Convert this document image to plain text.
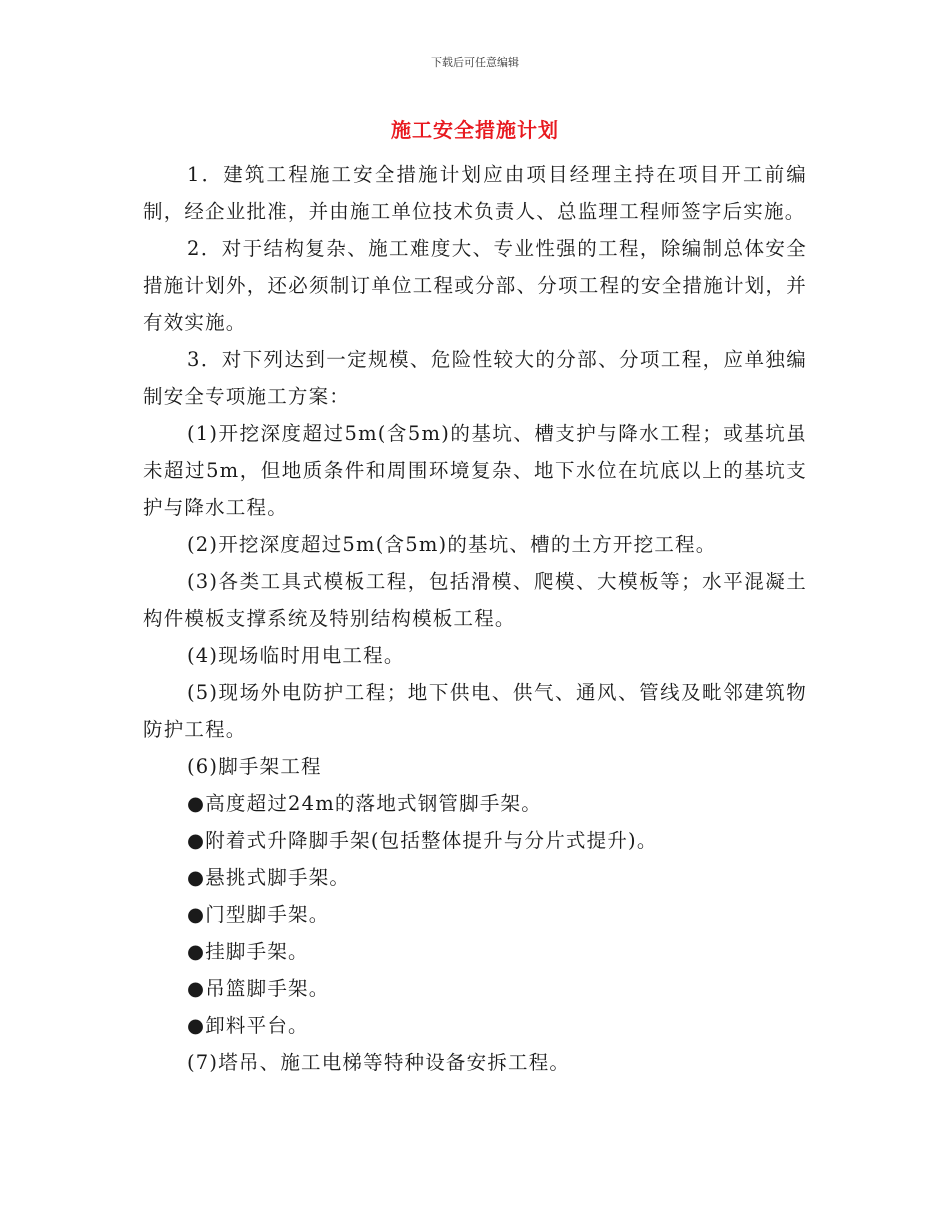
下载后可任意编辑
施工安全措施计划

1．建筑工程施工安全措施计划应由项目经理主持在项目开工前编制，经企业批准，并由施工单位技术负责人、总监理工程师签字后实施。

2．对于结构复杂、施工难度大、专业性强的工程，除编制总体安全措施计划外，还必须制订单位工程或分部、分项工程的安全措施计划，并有效实施。

3．对下列达到一定规模、危险性较大的分部、分项工程，应单独编制安全专项施工方案：

(1)开挖深度超过5m(含5m)的基坑、槽支护与降水工程；或基坑虽未超过5m，但地质条件和周围环境复杂、地下水位在坑底以上的基坑支护与降水工程。

(2)开挖深度超过5m(含5m)的基坑、槽的土方开挖工程。

(3)各类工具式模板工程，包括滑模、爬模、大模板等；水平混凝土构件模板支撑系统及特别结构模板工程。

(4)现场临时用电工程。

(5)现场外电防护工程；地下供电、供气、通风、管线及毗邻建筑物防护工程。

(6)脚手架工程

●高度超过24m的落地式钢管脚手架。

●附着式升降脚手架(包括整体提升与分片式提升)。

●悬挑式脚手架。

●门型脚手架。

●挂脚手架。

●吊篮脚手架。

●卸料平台。

(7)塔吊、施工电梯等特种设备安拆工程。
